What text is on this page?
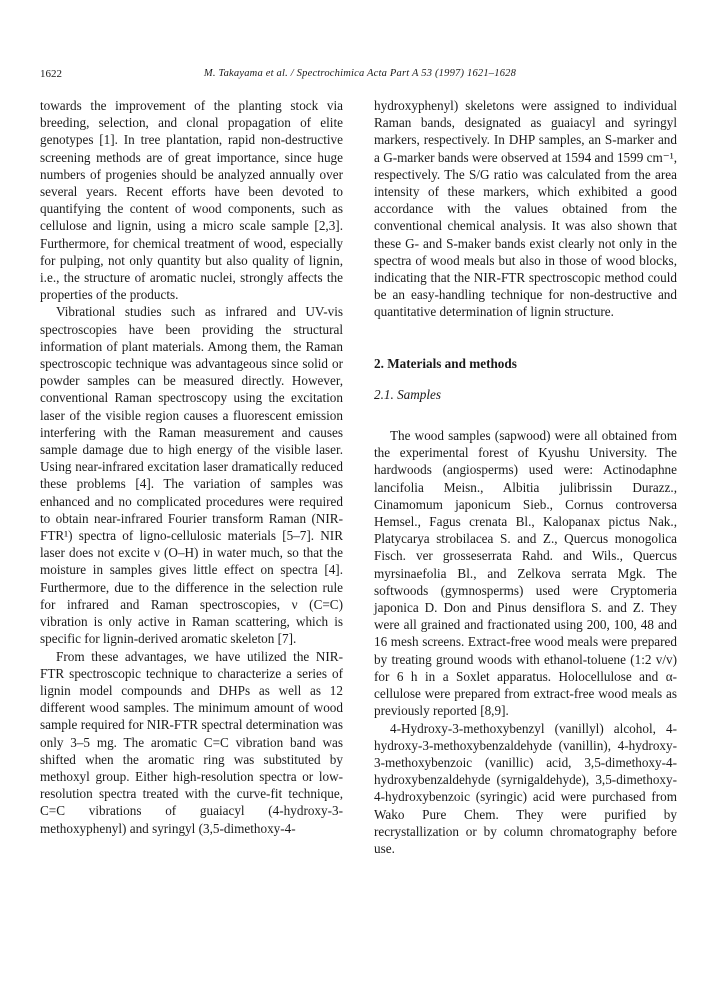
1622	M. Takayama et al. / Spectrochimica Acta Part A 53 (1997) 1621–1628

towards the improvement of the planting stock via breeding, selection, and clonal propagation of elite genotypes [1]. In tree plantation, rapid non-destructive screening methods are of great importance, since huge numbers of progenies should be analyzed annually over several years. Recent efforts have been devoted to quantifying the content of wood components, such as cellulose and lignin, using a micro scale sample [2,3]. Furthermore, for chemical treatment of wood, especially for pulping, not only quantity but also quality of lignin, i.e., the structure of aromatic nuclei, strongly affects the properties of the products.

Vibrational studies such as infrared and UV-vis spectroscopies have been providing the structural information of plant materials. Among them, the Raman spectroscopic technique was advantageous since solid or powder samples can be measured directly. However, conventional Raman spectroscopy using the excitation laser of the visible region causes a fluorescent emission interfering with the Raman measurement and causes sample damage due to high energy of the visible laser. Using near-infrared excitation laser dramatically reduced these problems [4]. The variation of samples was enhanced and no complicated procedures were required to obtain near-infrared Fourier transform Raman (NIR-FTR¹) spectra of ligno-cellulosic materials [5–7]. NIR laser does not excite ν (O–H) in water much, so that the moisture in samples gives little effect on spectra [4]. Furthermore, due to the difference in the selection rule for infrared and Raman spectroscopies, ν (C=C) vibration is only active in Raman scattering, which is specific for lignin-derived aromatic skeleton [7].

From these advantages, we have utilized the NIR-FTR spectroscopic technique to characterize a series of lignin model compounds and DHPs as well as 12 different wood samples. The minimum amount of wood sample required for NIR-FTR spectral determination was only 3–5 mg. The aromatic C=C vibration band was shifted when the aromatic ring was substituted by methoxyl group. Either high-resolution spectra or low-resolution spectra treated with the curve-fit technique, C=C vibrations of guaiacyl (4-hydroxy-3-methoxyphenyl) and syringyl (3,5-dimethoxy-4-

hydroxyphenyl) skeletons were assigned to individual Raman bands, designated as guaiacyl and syringyl markers, respectively. In DHP samples, an S-marker and a G-marker bands were observed at 1594 and 1599 cm⁻¹, respectively. The S/G ratio was calculated from the area intensity of these markers, which exhibited a good accordance with the values obtained from the conventional chemical analysis. It was also shown that these G- and S-maker bands exist clearly not only in the spectra of wood meals but also in those of wood blocks, indicating that the NIR-FTR spectroscopic method could be an easy-handling technique for non-destructive and quantitative determination of lignin structure.

2. Materials and methods

2.1. Samples

The wood samples (sapwood) were all obtained from the experimental forest of Kyushu University. The hardwoods (angiosperms) used were: Actinodaphne lancifolia Meisn., Albitia julibrissin Durazz., Cinamomum japonicum Sieb., Cornus controversa Hemsel., Fagus crenata Bl., Kalopanax pictus Nak., Platycarya strobilacea S. and Z., Quercus monogolica Fisch. ver grosseserrata Rahd. and Wils., Quercus myrsinaefolia Bl., and Zelkova serrata Mgk. The softwoods (gymnosperms) used were Cryptomeria japonica D. Don and Pinus densiflora S. and Z. They were all grained and fractionated using 200, 100, 48 and 16 mesh screens. Extract-free wood meals were prepared by treating ground woods with ethanol-toluene (1:2 v/v) for 6 h in a Soxlet apparatus. Holocellulose and α-cellulose were prepared from extract-free wood meals as previously reported [8,9].

4-Hydroxy-3-methoxybenzyl (vanillyl) alcohol, 4-hydroxy-3-methoxybenzaldehyde (vanillin), 4-hydroxy-3-methoxybenzoic (vanillic) acid, 3,5-dimethoxy-4-hydroxybenzaldehyde (syrnigaldehyde), 3,5-dimethoxy-4-hydroxybenzoic (syringic) acid were purchased from Wako Pure Chem. They were purified by recrystallization or by column chromatography before use.
